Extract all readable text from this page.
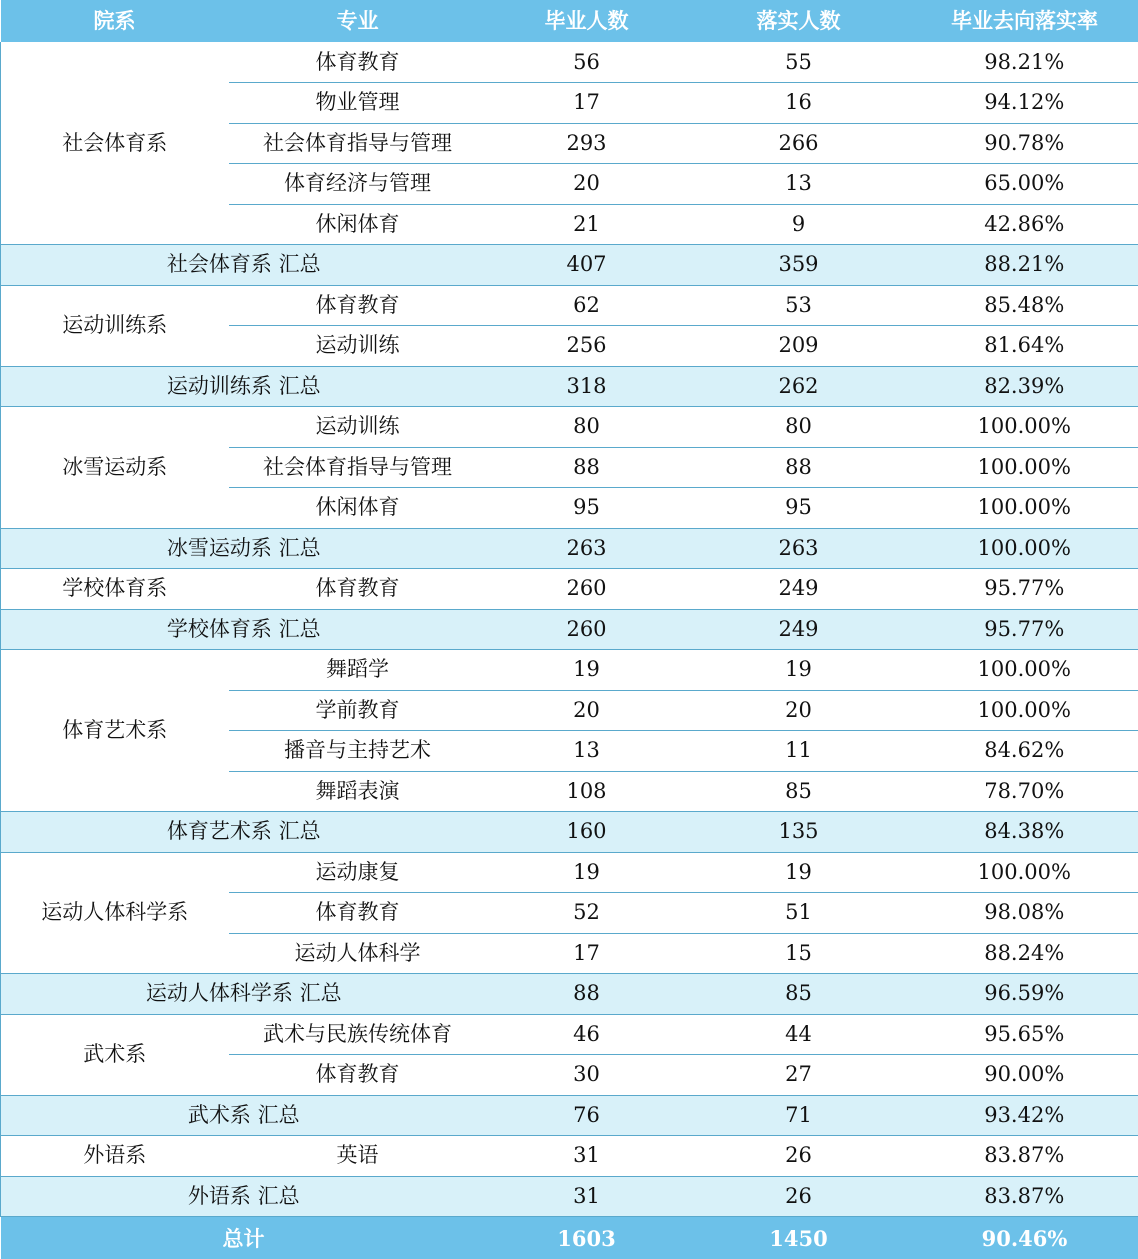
院系	专业	毕业人数	落实人数	毕业去向落实率
社会体育系	体育教育	56	55	98.21%
	物业管理	17	16	94.12%
	社会体育指导与管理	293	266	90.78%
	体育经济与管理	20	13	65.00%
	休闲体育	21	9	42.86%
社会体育系 汇总		407	359	88.21%
运动训练系	体育教育	62	53	85.48%
	运动训练	256	209	81.64%
运动训练系 汇总		318	262	82.39%
冰雪运动系	运动训练	80	80	100.00%
	社会体育指导与管理	88	88	100.00%
	休闲体育	95	95	100.00%
冰雪运动系 汇总		263	263	100.00%
学校体育系	体育教育	260	249	95.77%
学校体育系 汇总		260	249	95.77%
体育艺术系	舞蹈学	19	19	100.00%
	学前教育	20	20	100.00%
	播音与主持艺术	13	11	84.62%
	舞蹈表演	108	85	78.70%
体育艺术系 汇总		160	135	84.38%
运动人体科学系	运动康复	19	19	100.00%
	体育教育	52	51	98.08%
	运动人体科学	17	15	88.24%
运动人体科学系 汇总		88	85	96.59%
武术系	武术与民族传统体育	46	44	95.65%
	体育教育	30	27	90.00%
武术系 汇总		76	71	93.42%
外语系	英语	31	26	83.87%
外语系 汇总		31	26	83.87%
总计		1603	1450	90.46%
